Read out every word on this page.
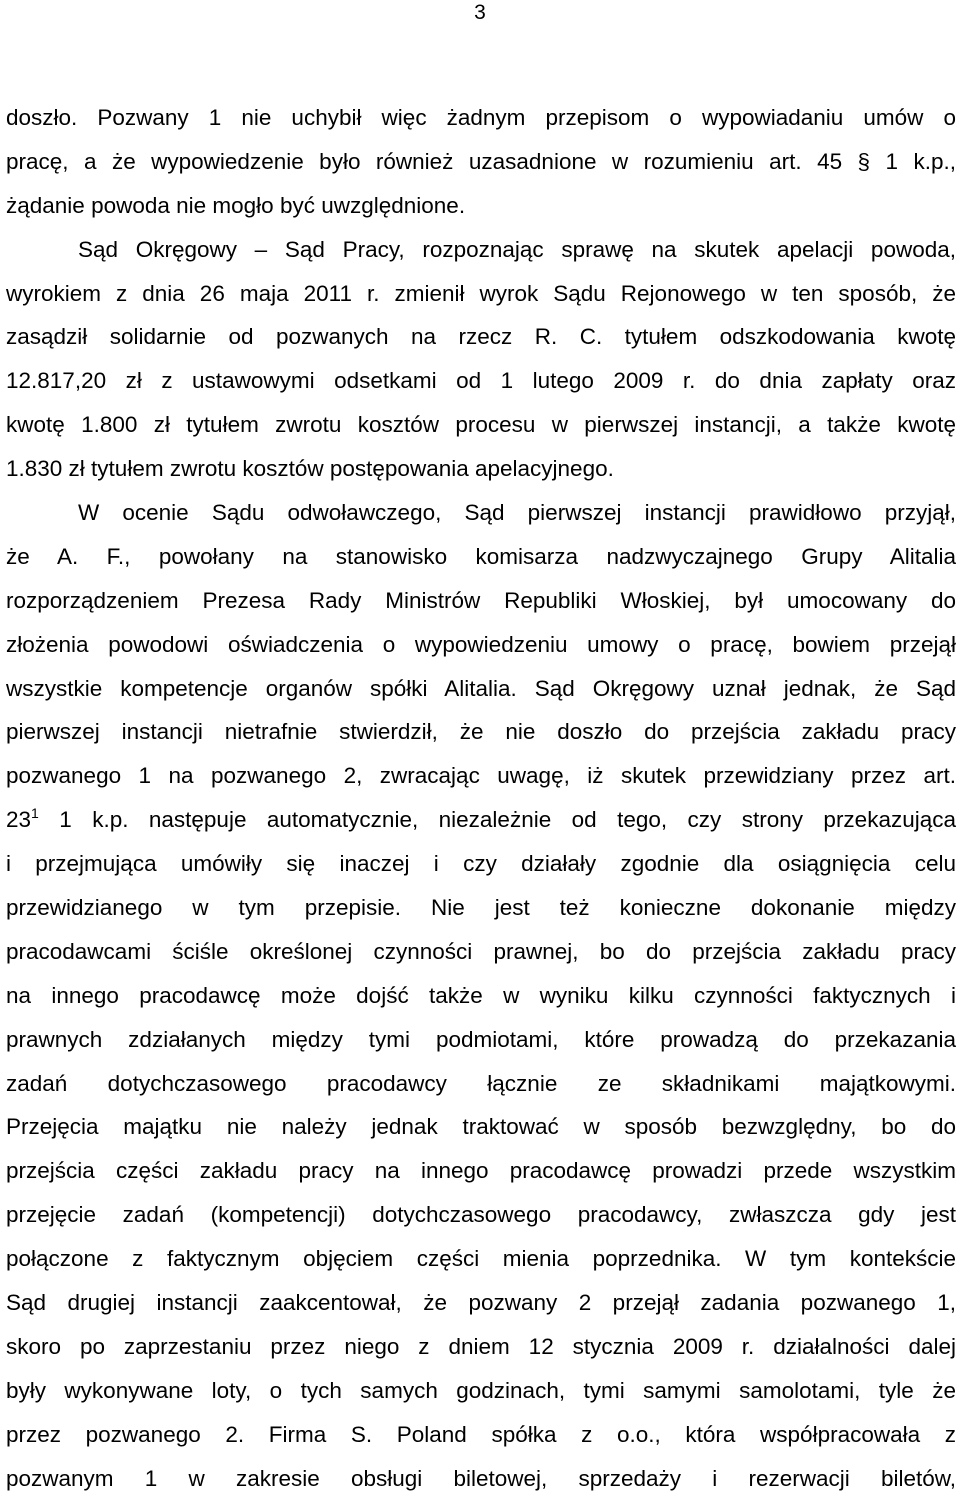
3
doszło. Pozwany 1 nie uchybił więc żadnym przepisom o wypowiadaniu umów o
pracę, a że wypowiedzenie było również uzasadnione w rozumieniu art. 45 § 1 k.p.,
żądanie powoda nie mogło być uwzględnione.
Sąd Okręgowy – Sąd Pracy, rozpoznając sprawę na skutek apelacji powoda,
wyrokiem z dnia 26 maja 2011 r. zmienił wyrok Sądu Rejonowego w ten sposób, że
zasądził solidarnie od pozwanych na rzecz R. C. tytułem odszkodowania kwotę
12.817,20 zł z ustawowymi odsetkami od 1 lutego 2009 r. do dnia zapłaty oraz
kwotę 1.800 zł tytułem zwrotu kosztów procesu w pierwszej instancji, a także kwotę
1.830 zł tytułem zwrotu kosztów postępowania apelacyjnego.
W ocenie Sądu odwoławczego, Sąd pierwszej instancji prawidłowo przyjął,
że A. F., powołany na stanowisko komisarza nadzwyczajnego Grupy Alitalia
rozporządzeniem Prezesa Rady Ministrów Republiki Włoskiej, był umocowany do
złożenia powodowi oświadczenia o wypowiedzeniu umowy o pracę, bowiem przejął
wszystkie kompetencje organów spółki Alitalia. Sąd Okręgowy uznał jednak, że Sąd
pierwszej instancji nietrafnie stwierdził, że nie doszło do przejścia zakładu pracy
pozwanego 1 na pozwanego 2, zwracając uwagę, iż skutek przewidziany przez art.
$23^1$ 1 k.p. następuje automatycznie, niezależnie od tego, czy strony przekazująca
i przejmująca umówiły się inaczej i czy działały zgodnie dla osiągnięcia celu
przewidzianego w tym przepisie. Nie jest też konieczne dokonanie między
pracodawcami ściśle określonej czynności prawnej, bo do przejścia zakładu pracy
na innego pracodawcę może dojść także w wyniku kilku czynności faktycznych i
prawnych zdziałanych między tymi podmiotami, które prowadzą do przekazania
zadań dotychczasowego pracodawcy łącznie ze składnikami majątkowymi.
Przejęcia majątku nie należy jednak traktować w sposób bezwzględny, bo do
przejścia części zakładu pracy na innego pracodawcę prowadzi przede wszystkim
przejęcie zadań (kompetencji) dotychczasowego pracodawcy, zwłaszcza gdy jest
połączone z faktycznym objęciem części mienia poprzednika. W tym kontekście
Sąd drugiej instancji zaakcentował, że pozwany 2 przejął zadania pozwanego 1,
skoro po zaprzestaniu przez niego z dniem 12 stycznia 2009 r. działalności dalej
były wykonywane loty, o tych samych godzinach, tymi samymi samolotami, tyle że
przez pozwanego 2. Firma S. Poland spółka z o.o., która współpracowała z
pozwanym 1 w zakresie obsługi biletowej, sprzedaży i rezerwacji biletów,
